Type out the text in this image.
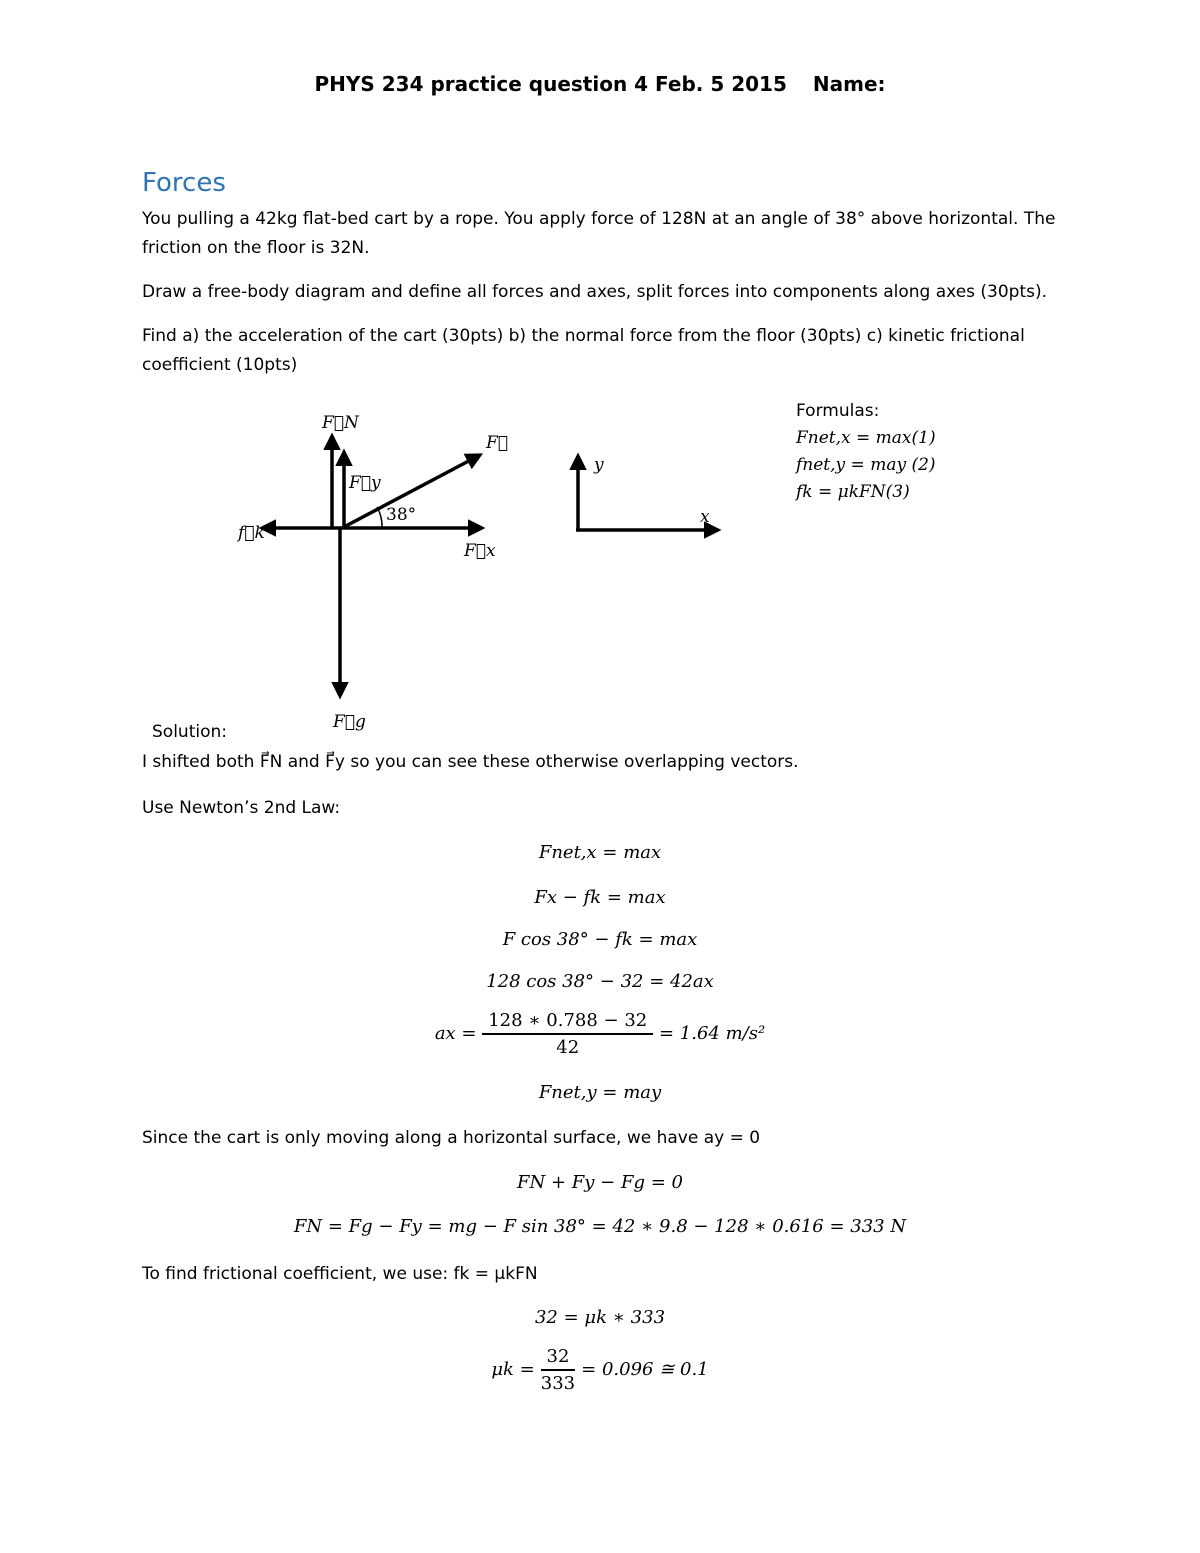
PHYS 234 practice question 4 Feb. 5 2015 Name:
Forces
You pulling a 42kg flat-bed cart by a rope. You apply force of 128N at an angle of 38° above horizontal. The friction on the floor is 32N.
Draw a free-body diagram and define all forces and axes, split forces into components along axes (30pts).
Find a) the acceleration of the cart (30pts) b) the normal force from the floor (30pts) c) kinetic frictional coefficient (10pts)
F⃗N
F⃗y
F⃗
38°
f⃗k
F⃗x
F⃗g
y
x
Formulas:
Fnet,x = max(1)
fnet,y = may (2)
fk = μkFN(3)
Solution:
I shifted both F⃗N and F⃗y so you can see these otherwise overlapping vectors.
Use Newton’s 2nd Law:
Fnet,x = max
Fx − fk = max
F cos 38° − fk = max
128 cos 38° − 32 = 42ax
ax = $\frac{128 ∗ 0.788 - 32}{42} = 1.64$ m/s²
Fnet,y = may
Since the cart is only moving along a horizontal surface, we have ay = 0
FN + Fy − Fg = 0
FN = Fg − Fy = mg − F sin 38° = 42 ∗ 9.8 − 128 ∗ 0.616 = 333 N
To find frictional coefficient, we use: fk = μkFN
32 = μk ∗ 333
$\mu k = \frac{32}{333} = 0.096$ ≅ 0.1
